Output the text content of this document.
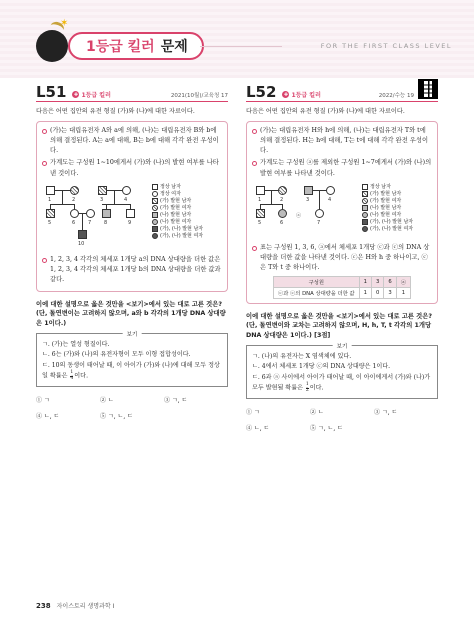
✶
1등급 킬러 문제	FOR THE FIRST CLASS LEVEL
L51 ✚ 1등급 킬러	2021(10월)/교육청 17
다음은 어떤 집안의 유전 형질 (가)와 (나)에 대한 자료이다.
(가)는 대립유전자 A와 a에 의해, (나)는 대립유전자 B와 b에 의해 결정된다. A는 a에 대해, B는 b에 대해 각각 완전 우성이다.
가계도는 구성원 1~10에게서 (가)와 (나)의 발현 여부를 나타낸 것이다.
1	2	3	4
5	6	7	8	9
10
정상 남자
정상 여자
(가) 발현 남자
(가) 발현 여자
(나) 발현 남자
(나) 발현 여자
(가), (나) 발현 남자
(가), (나) 발현 여자
1, 2, 3, 4 각각의 체세포 1개당 a의 DNA 상대량을 더한 값은 1, 2, 3, 4 각각의 체세포 1개당 b의 DNA 상대량을 더한 값과 같다.
이에 대한 설명으로 옳은 것만을 <보기>에서 있는 대로 고른 것은? (단, 돌연변이는 고려하지 않으며, a와 b 각각의 1개당 DNA 상대량은 1이다.)
보기

ㄱ. (가)는 열성 형질이다.

ㄴ. 6는 (가)와 (나)의 유전자형이 모두 이형 접합성이다.

ㄷ. 10의 동생이 태어날 때, 이 아이가 (가)와 (나)에 대해 모두 정상일 확률은 $\frac{1}{4}$ 이다.

① ㄱ	② ㄴ	③ ㄱ, ㄷ
④ ㄴ, ㄷ	⑤ ㄱ, ㄴ, ㄷ
L52 ✚ 1등급 킬러	2022/수능 19
다음은 어떤 집안의 유전 형질 (가)와 (나)에 대한 자료이다.
(가)는 대립유전자 H와 h에 의해, (나)는 대립유전자 T와 t에 의해 결정된다. H는 h에 대해, T는 t에 대해 각각 완전 우성이다.
가계도는 구성원 ⓐ를 제외한 구성원 1~7에게서 (가)와 (나)의 발현 여부를 나타낸 것이다.
1	2	3	4
5	6	7
ⓐ
정상 남자
(가) 발현 남자
(가) 발현 여자
(나) 발현 남자
(나) 발현 여자
(가), (나) 발현 남자
(가), (나) 발현 여자
표는 구성원 1, 3, 6, ⓐ에서 체세포 1개당 ⓒ과 ⓒ의 DNA 상대량을 더한 값을 나타낸 것이다. ⓒ은 H와 h 중 하나이고, ⓒ은 T와 t 중 하나이다.
구성원	1	3	6	ⓐ
ⓒ과 ⓒ의 DNA 상대량을 더한 값	1	0	3	1
이에 대한 설명으로 옳은 것만을 <보기>에서 있는 대로 고른 것은? (단, 돌연변이와 교차는 고려하지 않으며, H, h, T, t 각각의 1개당 DNA 상대량은 1이다.) [3점]
보기

ㄱ. (나)의 유전자는 X 염색체에 있다.

ㄴ. 4에서 체세포 1개당 ⓒ의 DNA 상대량은 1이다.

ㄷ. 6과 ⓐ 사이에서 아이가 태어날 때, 이 아이에게서 (가)와 (나)가 모두 발현될 확률은 $\frac{1}{2}$ 이다.

① ㄱ	② ㄴ	③ ㄱ, ㄷ
④ ㄴ, ㄷ	⑤ ㄱ, ㄴ, ㄷ
238 자이스토리 생명과학 Ⅰ
